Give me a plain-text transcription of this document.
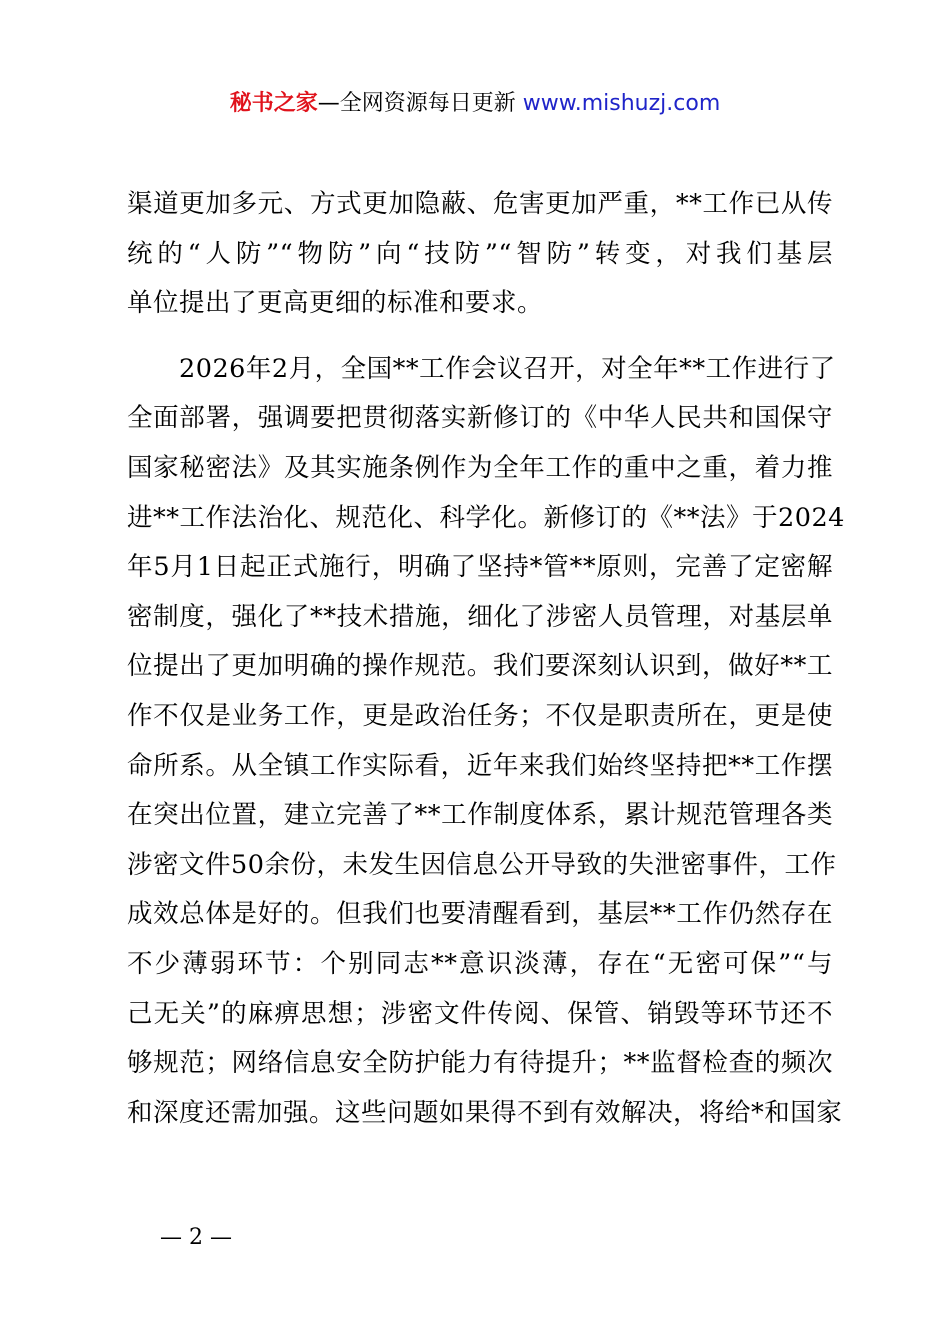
秘书之家—全网资源每日更新 www.mishuzj.com
渠道更加多元、方式更加隐蔽、危害更加严重，**工作已从传
统的“人防”“物防”向“技防”“智防”转变，对我们基层
单位提出了更高更细的标准和要求。
　　2026年2月，全国**工作会议召开，对全年**工作进行了
全面部署，强调要把贯彻落实新修订的《中华人民共和国保守
国家秘密法》及其实施条例作为全年工作的重中之重，着力推
进**工作法治化、规范化、科学化。新修订的《**法》于2024
年5月1日起正式施行，明确了坚持*管**原则，完善了定密解
密制度，强化了**技术措施，细化了涉密人员管理，对基层单
位提出了更加明确的操作规范。我们要深刻认识到，做好**工
作不仅是业务工作，更是政治任务；不仅是职责所在，更是使
命所系。从全镇工作实际看，近年来我们始终坚持把**工作摆
在突出位置，建立完善了**工作制度体系，累计规范管理各类
涉密文件50余份，未发生因信息公开导致的失泄密事件，工作
成效总体是好的。但我们也要清醒看到，基层**工作仍然存在
不少薄弱环节：个别同志**意识淡薄，存在“无密可保”“与
己无关”的麻痹思想；涉密文件传阅、保管、销毁等环节还不
够规范；网络信息安全防护能力有待提升；**监督检查的频次
和深度还需加强。这些问题如果得不到有效解决，将给*和国家
— 2 —
